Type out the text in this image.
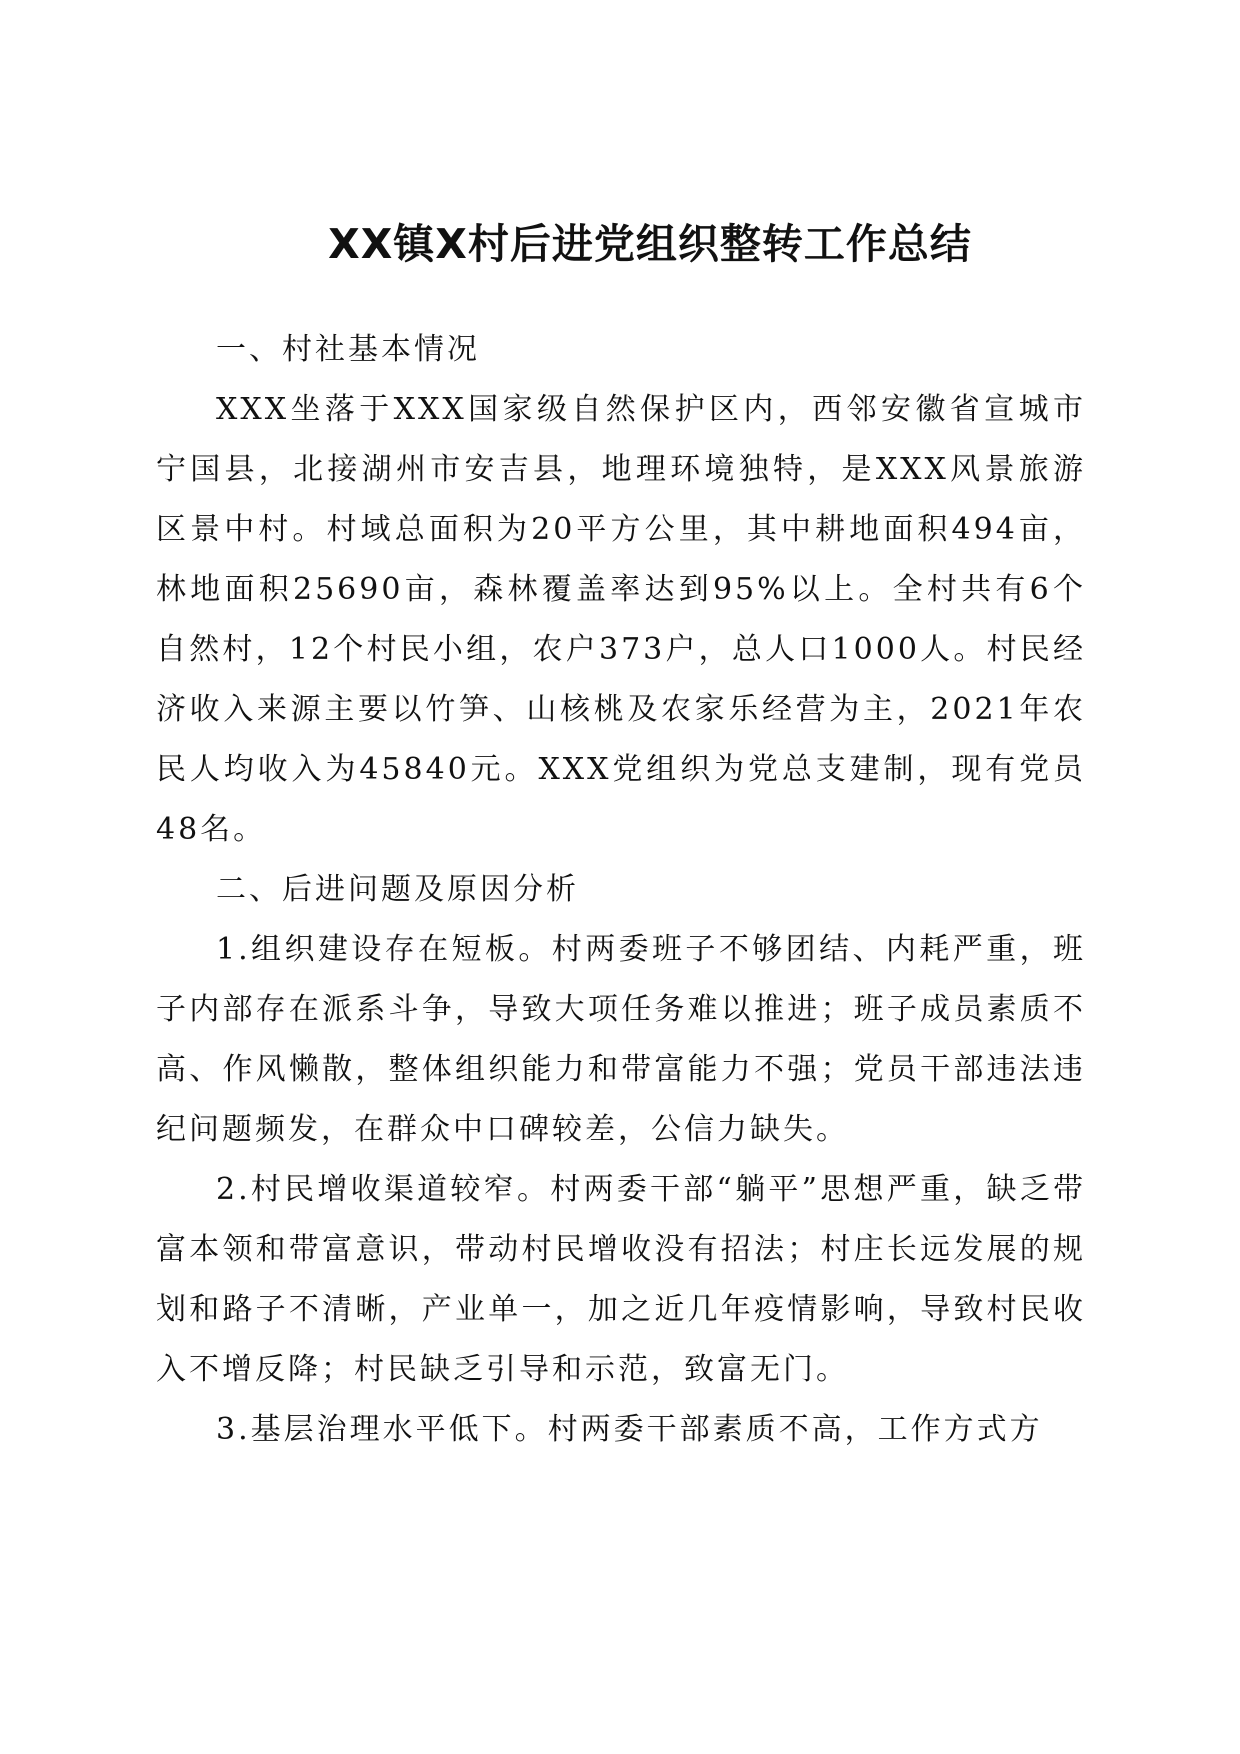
XX镇X村后进党组织整转工作总结

一、村社基本情况

XXX坐落于XXX国家级自然保护区内，西邻安徽省宣城市宁国县，北接湖州市安吉县，地理环境独特，是XXX风景旅游区景中村。村域总面积为20平方公里，其中耕地面积494亩，林地面积25690亩，森林覆盖率达到95%以上。全村共有6个自然村，12个村民小组，农户373户，总人口1000人。村民经济收入来源主要以竹笋、山核桃及农家乐经营为主，2021年农民人均收入为45840元。XXX党组织为党总支建制，现有党员48名。

二、后进问题及原因分析

1.组织建设存在短板。村两委班子不够团结、内耗严重，班子内部存在派系斗争，导致大项任务难以推进；班子成员素质不高、作风懒散，整体组织能力和带富能力不强；党员干部违法违纪问题频发，在群众中口碑较差，公信力缺失。

2.村民增收渠道较窄。村两委干部“躺平”思想严重，缺乏带富本领和带富意识，带动村民增收没有招法；村庄长远发展的规划和路子不清晰，产业单一，加之近几年疫情影响，导致村民收入不增反降；村民缺乏引导和示范，致富无门。

3.基层治理水平低下。村两委干部素质不高，工作方式方
